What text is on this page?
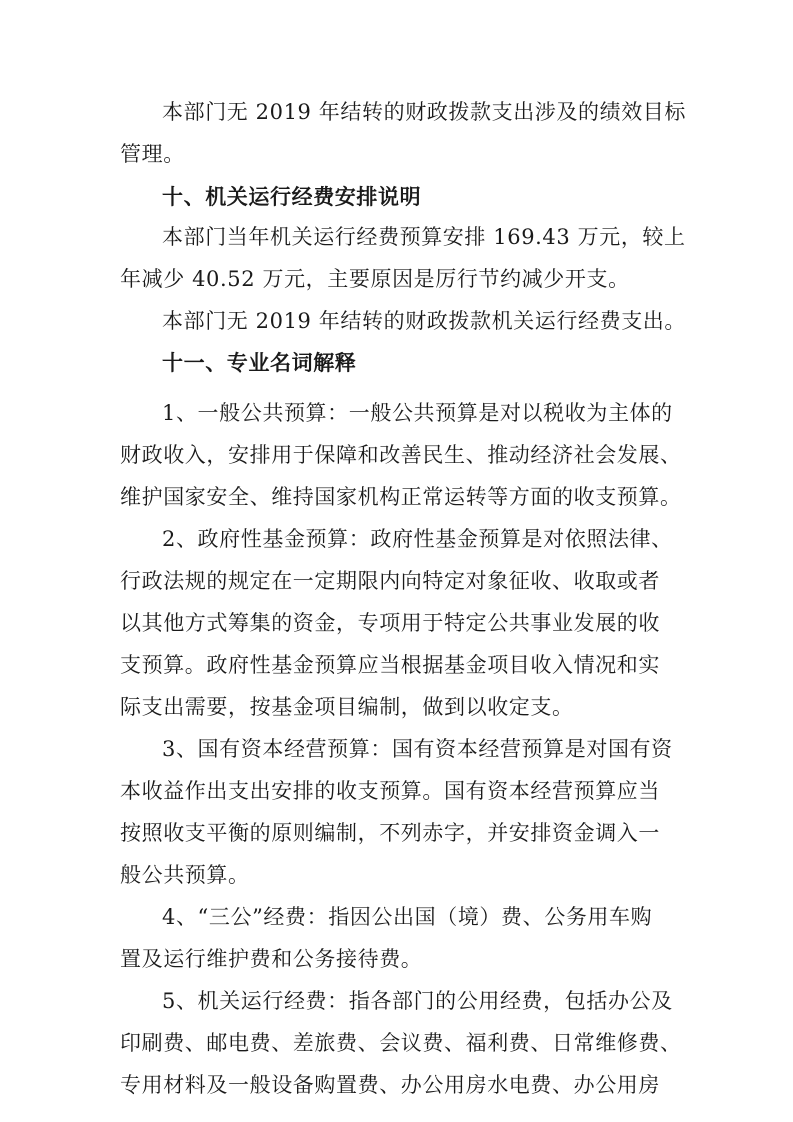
本部门无 2019 年结转的财政拨款支出涉及的绩效目标
管理。
十、机关运行经费安排说明
本部门当年机关运行经费预算安排 169.43 万元，较上
年减少 40.52 万元，主要原因是厉行节约减少开支。
本部门无 2019 年结转的财政拨款机关运行经费支出。
十一、专业名词解释
1、一般公共预算：一般公共预算是对以税收为主体的
财政收入，安排用于保障和改善民生、推动经济社会发展、
维护国家安全、维持国家机构正常运转等方面的收支预算。
2、政府性基金预算：政府性基金预算是对依照法律、
行政法规的规定在一定期限内向特定对象征收、收取或者
以其他方式筹集的资金，专项用于特定公共事业发展的收
支预算。政府性基金预算应当根据基金项目收入情况和实
际支出需要，按基金项目编制，做到以收定支。
3、国有资本经营预算：国有资本经营预算是对国有资
本收益作出支出安排的收支预算。国有资本经营预算应当
按照收支平衡的原则编制，不列赤字，并安排资金调入一
般公共预算。
4、“三公”经费：指因公出国（境）费、公务用车购
置及运行维护费和公务接待费。
5、机关运行经费：指各部门的公用经费，包括办公及
印刷费、邮电费、差旅费、会议费、福利费、日常维修费、
专用材料及一般设备购置费、办公用房水电费、办公用房
